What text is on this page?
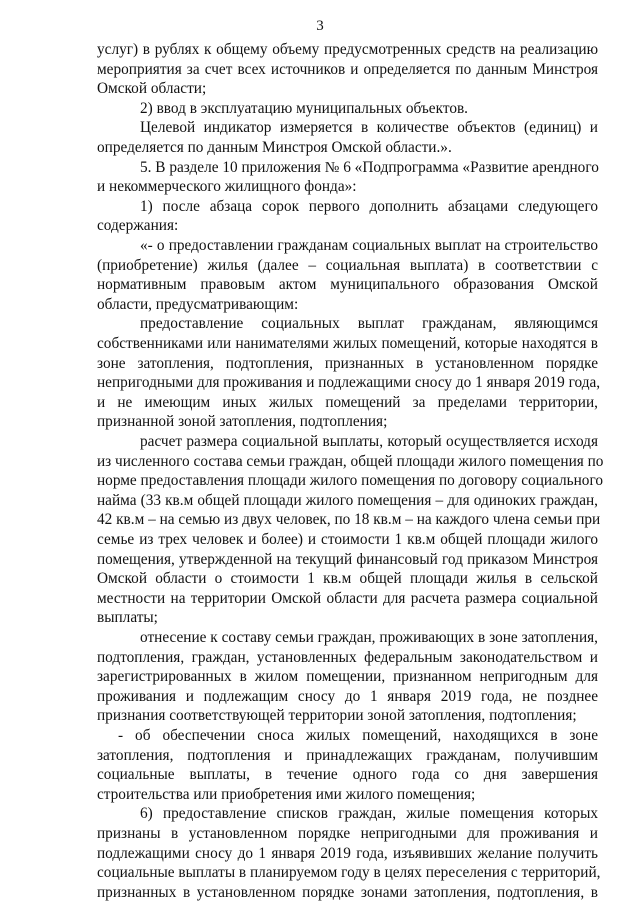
3
услуг) в рублях к общему объему предусмотренных средств на реализацию
мероприятия за счет всех источников и определяется по данным Минстроя
Омской области;
2) ввод в эксплуатацию муниципальных объектов.
Целевой индикатор измеряется в количестве объектов (единиц) и
определяется по данным Минстроя Омской области.».
5. В разделе 10 приложения № 6 «Подпрограмма «Развитие арендного
и некоммерческого жилищного фонда»:
1) после абзаца сорок первого дополнить абзацами следующего
содержания:
«- о предоставлении гражданам социальных выплат на строительство
(приобретение) жилья (далее – социальная выплата) в соответствии с
нормативным правовым актом муниципального образования Омской
области, предусматривающим:
предоставление социальных выплат гражданам, являющимся
собственниками или нанимателями жилых помещений, которые находятся в
зоне затопления, подтопления, признанных в установленном порядке
непригодными для проживания и подлежащими сносу до 1 января 2019 года,
и не имеющим иных жилых помещений за пределами территории,
признанной зоной затопления, подтопления;
расчет размера социальной выплаты, который осуществляется исходя
из численного состава семьи граждан, общей площади жилого помещения по
норме предоставления площади жилого помещения по договору социального
найма (33 кв.м общей площади жилого помещения – для одиноких граждан,
42 кв.м – на семью из двух человек, по 18 кв.м – на каждого члена семьи при
семье из трех человек и более) и стоимости 1 кв.м общей площади жилого
помещения, утвержденной на текущий финансовый год приказом Минстроя
Омской области о стоимости 1 кв.м общей площади жилья в сельской
местности на территории Омской области для расчета размера социальной
выплаты;
отнесение к составу семьи граждан, проживающих в зоне затопления,
подтопления, граждан, установленных федеральным законодательством и
зарегистрированных в жилом помещении, признанном непригодным для
проживания и подлежащим сносу до 1 января 2019 года, не позднее
признания соответствующей территории зоной затопления, подтопления;
- об обеспечении сноса жилых помещений, находящихся в зоне
затопления, подтопления и принадлежащих гражданам, получившим
социальные выплаты, в течение одного года со дня завершения
строительства или приобретения ими жилого помещения;
6) предоставление списков граждан, жилые помещения которых
признаны в установленном порядке непригодными для проживания и
подлежащими сносу до 1 января 2019 года, изъявивших желание получить
социальные выплаты в планируемом году в целях переселения с территорий,
признанных в установленном порядке зонами затопления, подтопления, в
